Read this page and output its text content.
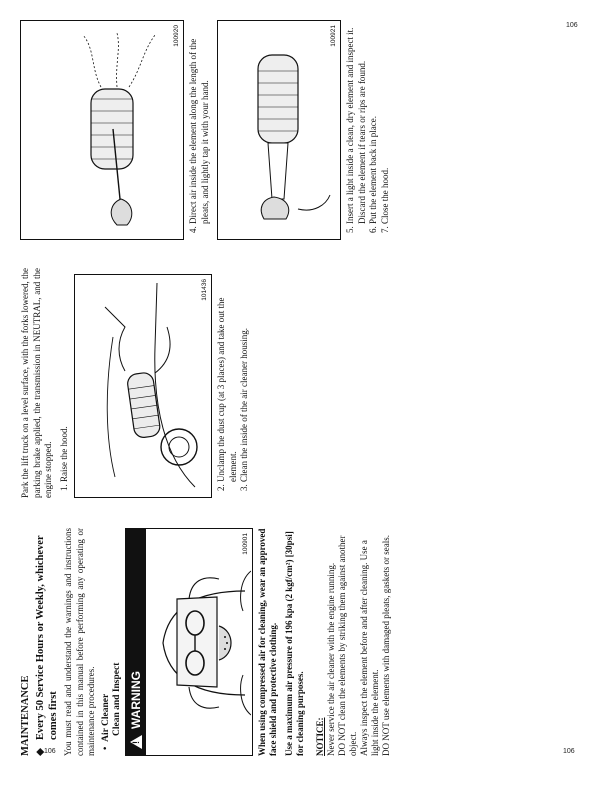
106
106	106
MAINTENANCE ◆Every 50 Service Hours or Weekly, whichever comes first You must read and understand the warnings and instructions contained in this manual before performing any operating or maintenance procedures. •  Air Cleaner Clean and Inspect
!
WARNING
100901 When using compressed air for cleaning, wear an approved face shield and protective clothing. Use a maximum air pressure of 196 kpa (2 kgf/cm²) [30psi] for cleaning purposes. NOTICE: Never service the air cleaner with the engine running. DO NOT clean the elements by striking them against another object. Always inspect the element before and after cleaning. Use a light inside the element. DO NOT use elements with damaged pleats, gaskets or seals.

Park the lift truck on a level surface, with the forks lowered, the parking brake applied, the transmission in NEUTRAL, and the engine stopped. 1. Raise the hood.
101436
2. Unclamp the dust cup (at 3 places) and take out the element. 3. Clean the inside of the air cleaner housing.
100920
4. Direct air inside the element along the length of the pleats, and lightly tap it with your hand.
100921 5. Insert a light inside a clean, dry element and inspect it. Discard the element if tears or rips are found. 6. Put the element back in place. 7. Close the hood.
